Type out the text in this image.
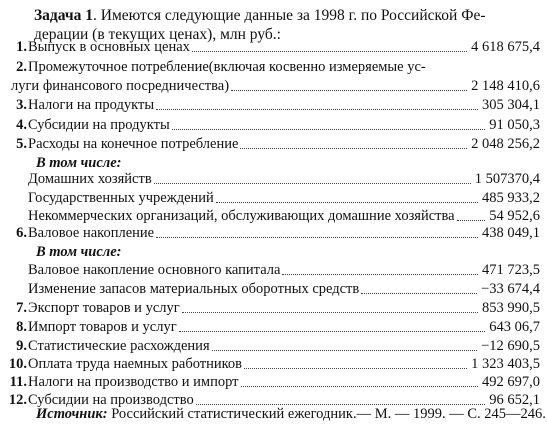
Задача 1. Имеются следующие данные за 1998 г. по Российской Фе-
дерации (в текущих ценах), млн руб.:
1. Выпуск в основных ценах	4 618 675,4
2. Промежуточное потребление(включая косвенно измеряемые ус-
луги финансового посредничества)	2 148 410,6
3. Налоги на продукты	305 304,1
4. Субсидии на продукты	91 050,3
5. Расходы на конечное потребление	2 048 256,2
В том числе:
Домашних хозяйств	1 507370,4
Государственных учреждений	485 933,2
Некоммерческих организаций, обслуживающих домашние хозяйства 54 952,6
6. Валовое накопление	438 049,1
В том числе:
Валовое накопление основного капитала	471 723,5
Изменение запасов материальных оборотных средств	−33 674,4
7. Экспорт товаров и услуг	853 990,5
8. Импорт товаров и услуг	643 06,7
9. Статистические расхождения	−12 690,5
10. Оплата труда наемных работников	1 323 403,5
11. Налоги на производство и импорт	492 697,0
12. Субсидии на производство	96 652,1
Источник: Российский статистический ежегодник.— М. — 1999. — С. 245—246.
